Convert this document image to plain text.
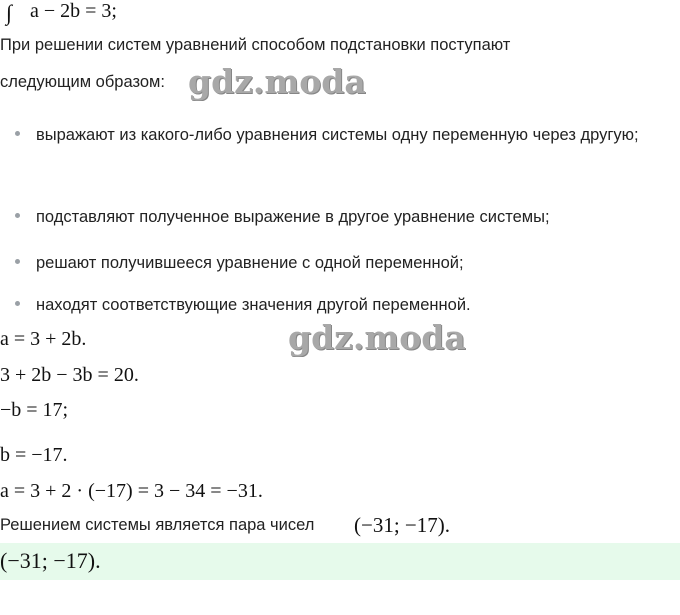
∫ a − 2b = 3;
При решении систем уравнений способом подстановки поступают
следующим образом: gdz.moda
выражают из какого-либо уравнения системы одну переменную через другую;
подставляют полученное выражение в другое уравнение системы;
решают получившееся уравнение с одной переменной;
находят соответствующие значения другой переменной.
gdz.moda
a = 3 + 2b.
3 + 2b − 3b = 20.
−b = 17;
b = −17.
a = 3 + 2 · (−17) = 3 − 34 = −31.
Решением системы является пара чисел (−31; −17).
(−31; −17).
